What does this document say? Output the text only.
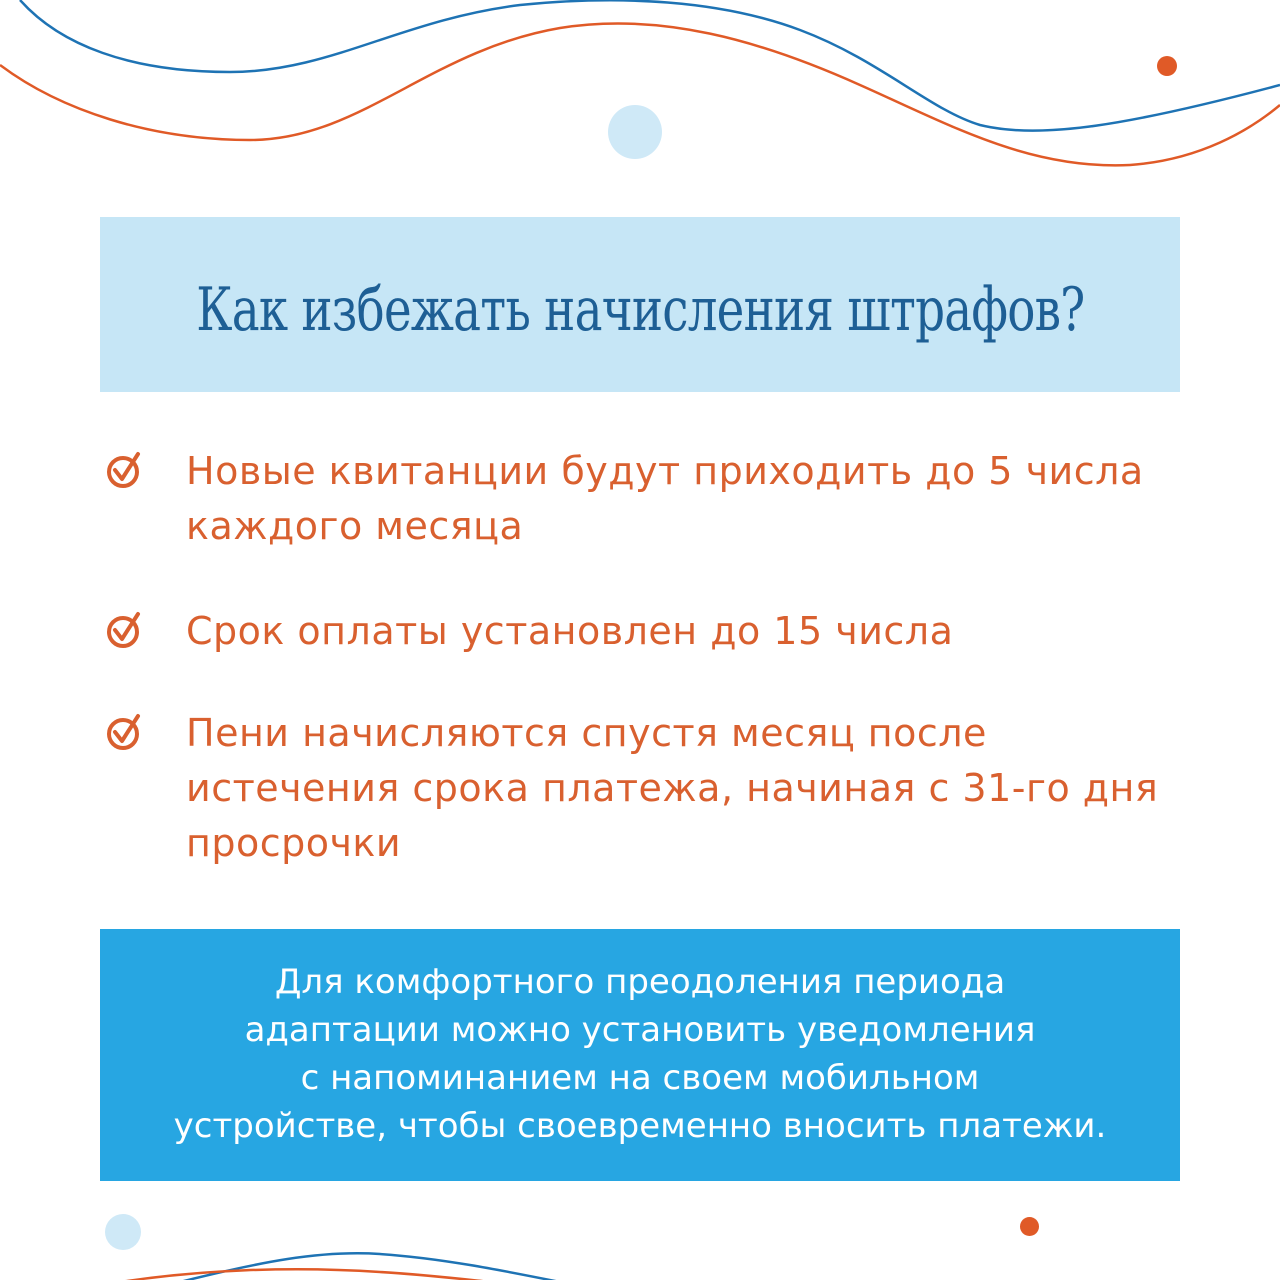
Как избежать начисления штрафов?
Новые квитанции будут приходить до 5 числа каждого месяца
Срок оплаты установлен до 15 числа
Пени начисляются спустя месяц после истечения срока платежа, начиная с 31-го дня просрочки
Для комфортного преодоления периода
адаптации можно установить уведомления
с напоминанием на своем мобильном
устройстве, чтобы своевременно вносить платежи.
